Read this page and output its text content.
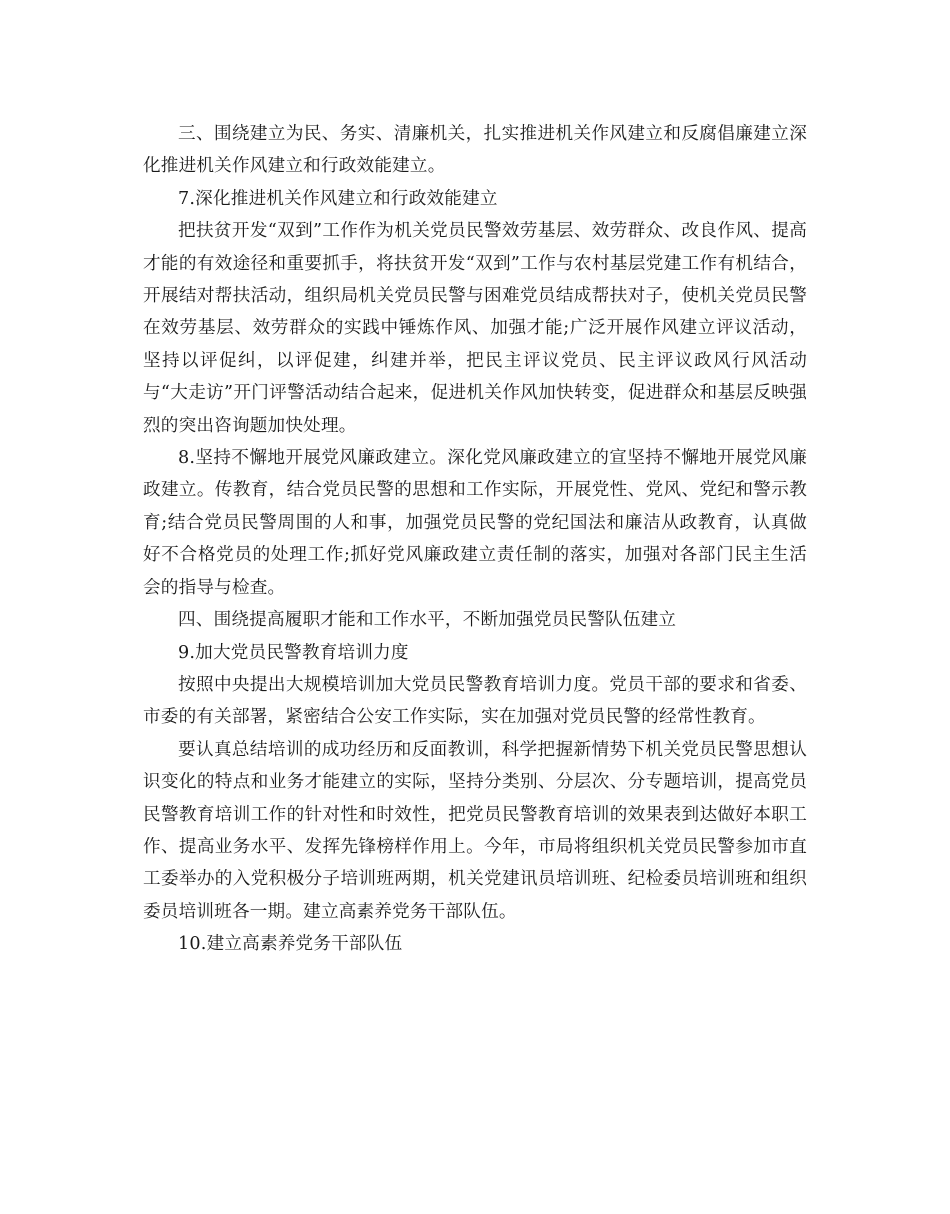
三、围绕建立为民、务实、清廉机关，扎实推进机关作风建立和反腐倡廉建立深化推进机关作风建立和行政效能建立。

7.深化推进机关作风建立和行政效能建立

把扶贫开发“双到”工作作为机关党员民警效劳基层、效劳群众、改良作风、提高才能的有效途径和重要抓手，将扶贫开发“双到”工作与农村基层党建工作有机结合，开展结对帮扶活动，组织局机关党员民警与困难党员结成帮扶对子，使机关党员民警在效劳基层、效劳群众的实践中锤炼作风、加强才能;广泛开展作风建立评议活动，坚持以评促纠，以评促建，纠建并举，把民主评议党员、民主评议政风行风活动与“大走访”开门评警活动结合起来，促进机关作风加快转变，促进群众和基层反映强烈的突出咨询题加快处理。

8.坚持不懈地开展党风廉政建立。深化党风廉政建立的宣坚持不懈地开展党风廉政建立。传教育，结合党员民警的思想和工作实际，开展党性、党风、党纪和警示教育;结合党员民警周围的人和事，加强党员民警的党纪国法和廉洁从政教育，认真做好不合格党员的处理工作;抓好党风廉政建立责任制的落实，加强对各部门民主生活会的指导与检查。

四、围绕提高履职才能和工作水平，不断加强党员民警队伍建立

9.加大党员民警教育培训力度

按照中央提出大规模培训加大党员民警教育培训力度。党员干部的要求和省委、市委的有关部署，紧密结合公安工作实际，实在加强对党员民警的经常性教育。

要认真总结培训的成功经历和反面教训，科学把握新情势下机关党员民警思想认识变化的特点和业务才能建立的实际，坚持分类别、分层次、分专题培训，提高党员民警教育培训工作的针对性和时效性，把党员民警教育培训的效果表到达做好本职工作、提高业务水平、发挥先锋榜样作用上。今年，市局将组织机关党员民警参加市直工委举办的入党积极分子培训班两期，机关党建讯员培训班、纪检委员培训班和组织委员培训班各一期。建立高素养党务干部队伍。

10.建立高素养党务干部队伍
